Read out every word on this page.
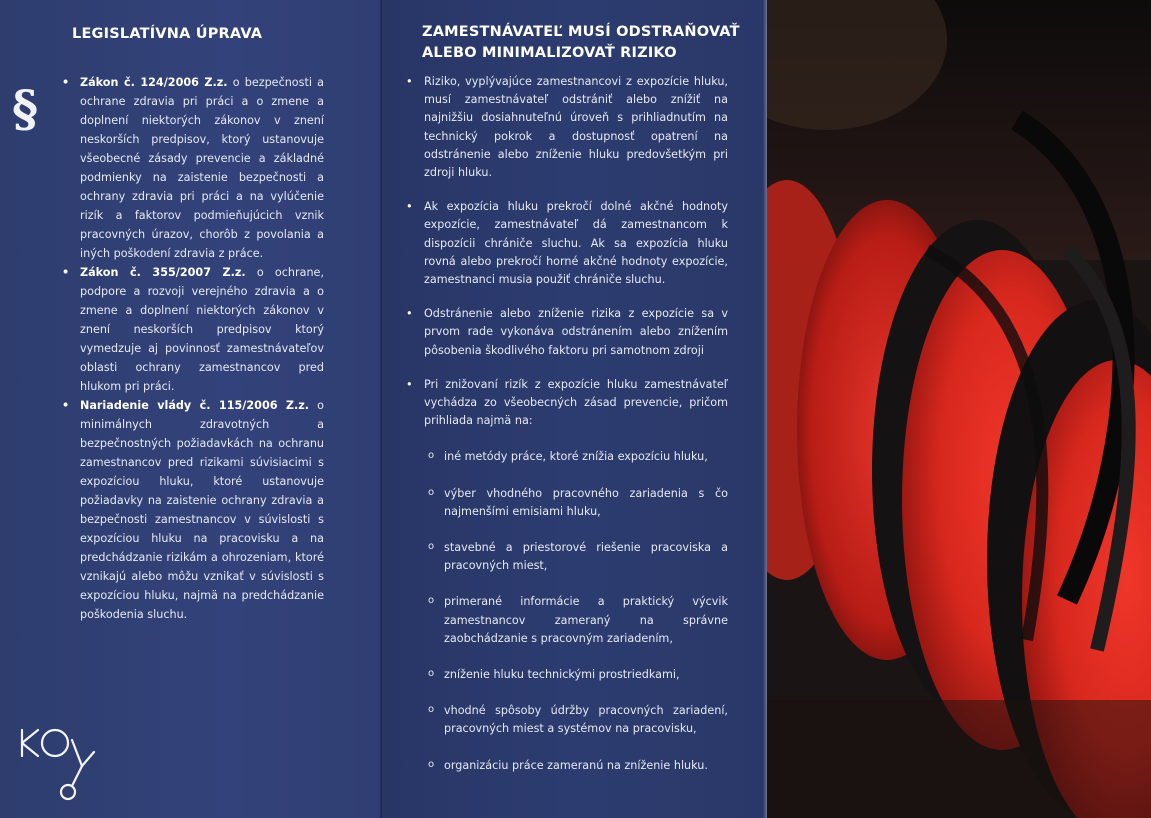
LEGISLATÍVNA ÚPRAVA
§
•	Zákon č. 124/2006 Z.z. o bezpečnosti a ochrane zdravia pri práci a o zmene a doplnení niektorých zákonov v znení neskorších predpisov, ktorý ustanovuje všeobecné zásady prevencie a základné podmienky na zaistenie bezpečnosti a ochrany zdravia pri práci a na vylúčenie rizík a faktorov podmieňujúcich vznik pracovných úrazov, chorôb z povolania a iných poškodení zdravia z práce.
• Zákon č. 355/2007 Z.z. o ochrane, podpore a rozvoji verejného zdravia a o zmene a doplnení niektorých zákonov v znení neskorších predpisov ktorý vymedzuje aj povinnosť zamestnávateľov oblasti ochrany zamestnancov pred hlukom pri práci.
• Nariadenie vlády č. 115/2006 Z.z. o minimálnych zdravotných a bezpečnostných požiadavkách na ochranu zamestnancov pred rizikami súvisiacimi s expozíciou hluku, ktoré ustanovuje požiadavky na zaistenie ochrany zdravia a bezpečnosti zamestnancov v súvislosti s expozíciou hluku na pracovisku a na predchádzanie rizikám a ohrozeniam, ktoré vznikajú alebo môžu vznikať v súvislosti s expozíciou hluku, najmä na predchádzanie poškodenia sluchu.
ZAMESTNÁVATEĽ MUSÍ ODSTRAŇOVAŤ
ALEBO MINIMALIZOVAŤ RIZIKO
• Riziko, vyplývajúce zamestnancovi z expozície hluku, musí zamestnávateľ odstrániť alebo znížiť na najnižšiu dosiahnuteľnú úroveň s prihliadnutím na technický pokrok a dostupnosť opatrení na odstránenie alebo zníženie hluku predovšetkým pri zdroji hluku.
• Ak expozícia hluku prekročí dolné akčné hodnoty expozície, zamestnávateľ dá zamestnancom k dispozícii chrániče sluchu. Ak sa expozícia hluku rovná alebo prekročí horné akčné hodnoty expozície, zamestnanci musia použiť chrániče sluchu.
• Odstránenie alebo zníženie rizika z expozície sa v prvom rade vykonáva odstránením alebo znížením pôsobenia škodlivého faktoru pri samotnom zdroji
• Pri znižovaní rizík z expozície hluku zamestnávateľ vychádza zo všeobecných zásad prevencie, pričom prihliada najmä na:
o iné metódy práce, ktoré znížia expozíciu hluku,
o výber vhodného pracovného zariadenia s čo najmenšími emisiami hluku,
o stavebné a priestorové riešenie pracoviska a pracovných miest,
o primerané informácie a praktický výcvik zamestnancov zameraný na správne zaobchádzanie s pracovným zariadením,
o zníženie hluku technickými prostriedkami,
o vhodné spôsoby údržby pracovných zariadení, pracovných miest a systémov na pracovisku,
o organizáciu práce zameranú na zníženie hluku.
